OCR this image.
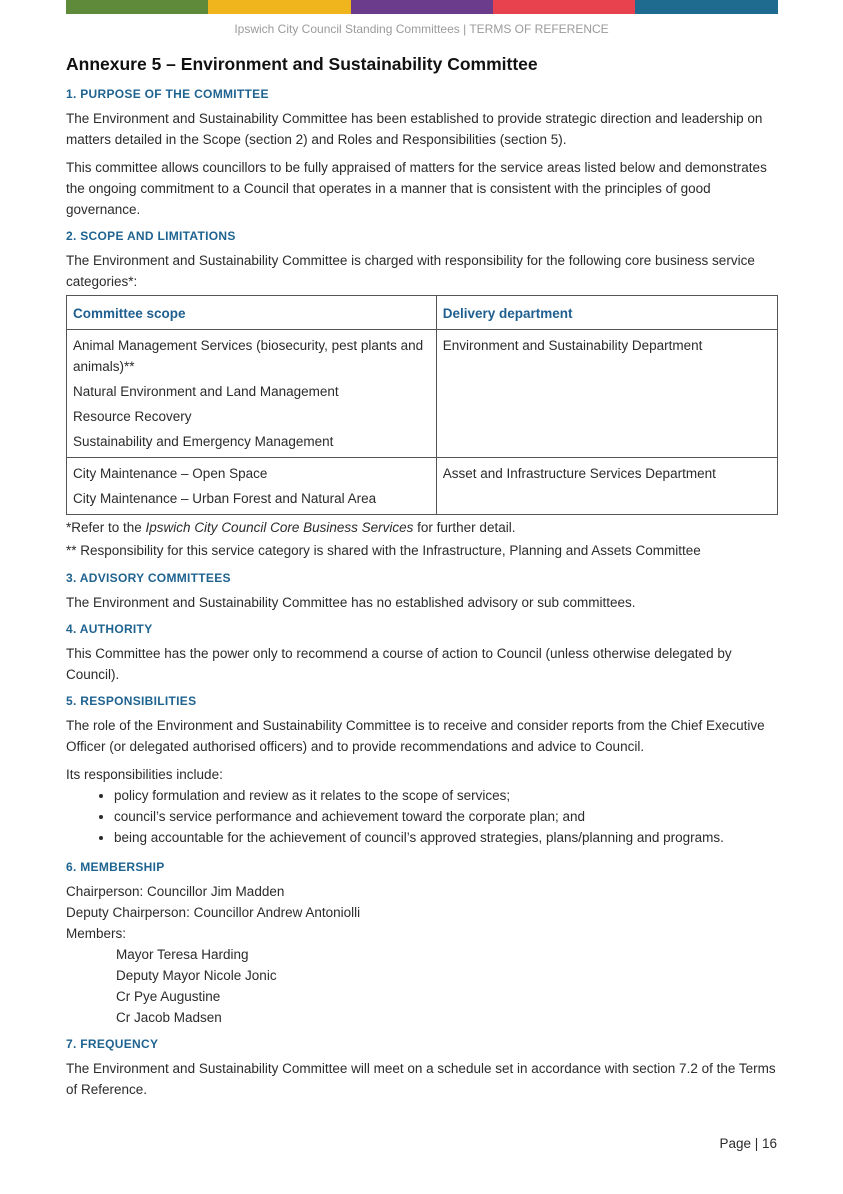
Ipswich City Council Standing Committees | TERMS OF REFERENCE
Annexure 5 – Environment and Sustainability Committee
1. PURPOSE OF THE COMMITTEE

The Environment and Sustainability Committee has been established to provide strategic direction and leadership on matters detailed in the Scope (section 2) and Roles and Responsibilities (section 5).

This committee allows councillors to be fully appraised of matters for the service areas listed below and demonstrates the ongoing commitment to a Council that operates in a manner that is consistent with the principles of good governance.

2. SCOPE AND LIMITATIONS

The Environment and Sustainability Committee is charged with responsibility for the following core business service categories*:

Committee scope	Delivery department

Animal Management Services (biosecurity, pest plants and animals)**
Natural Environment and Land Management
Resource Recovery
Sustainability and Emergency Management	Environment and Sustainability Department

City Maintenance – Open Space
City Maintenance – Urban Forest and Natural Area	Asset and Infrastructure Services Department
*Refer to the Ipswich City Council Core Business Services for further detail.
** Responsibility for this service category is shared with the Infrastructure, Planning and Assets Committee
3. ADVISORY COMMITTEES

The Environment and Sustainability Committee has no established advisory or sub committees.

4. AUTHORITY

This Committee has the power only to recommend a course of action to Council (unless otherwise delegated by Council).

5. RESPONSIBILITIES

The role of the Environment and Sustainability Committee is to receive and consider reports from the Chief Executive Officer (or delegated authorised officers) and to provide recommendations and advice to Council.

Its responsibilities include:

• policy formulation and review as it relates to the scope of services;
• council’s service performance and achievement toward the corporate plan; and
• being accountable for the achievement of council’s approved strategies, plans/planning and programs.
6. MEMBERSHIP
Chairperson: Councillor Jim Madden
Deputy Chairperson: Councillor Andrew Antoniolli
Members:
Mayor Teresa Harding
Deputy Mayor Nicole Jonic
Cr Pye Augustine
Cr Jacob Madsen
7. FREQUENCY

The Environment and Sustainability Committee will meet on a schedule set in accordance with section 7.2 of the Terms of Reference.

Page | 16
